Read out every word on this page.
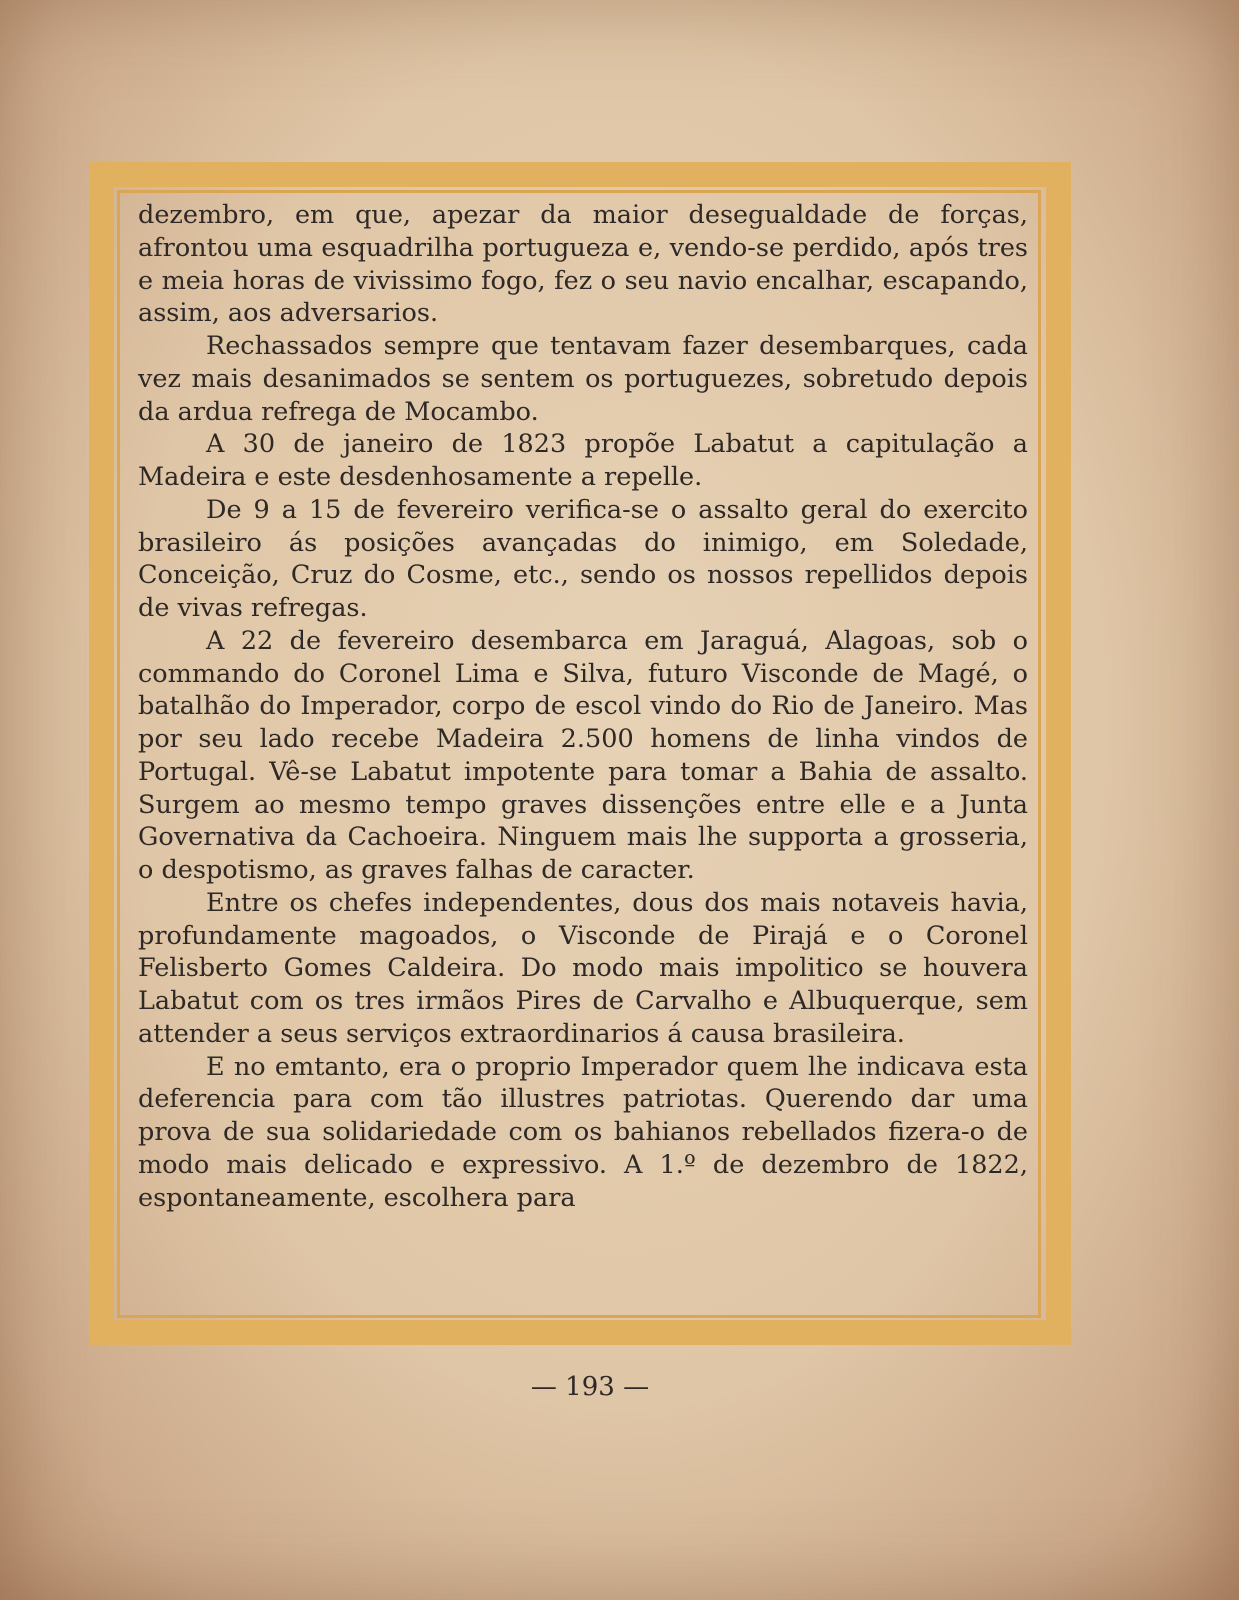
dezembro, em que, apezar da maior desegualdade de forças, afrontou uma esquadrilha portugueza e, vendo-se perdido, após tres e meia horas de vivissimo fogo, fez o seu navio encalhar, escapando, assim, aos adversarios.

Rechassados sempre que tentavam fazer desembarques, cada vez mais desanimados se sentem os portuguezes, sobretudo depois da ardua refrega de Mocambo.

A 30 de janeiro de 1823 propõe Labatut a capitulação a Madeira e este desdenhosamente a repelle.

De 9 a 15 de fevereiro verifica-se o assalto geral do exercito brasileiro ás posições avançadas do inimigo, em Soledade, Conceição, Cruz do Cosme, etc., sendo os nossos repellidos depois de vivas refregas.

A 22 de fevereiro desembarca em Jaraguá, Alagoas, sob o commando do Coronel Lima e Silva, futuro Visconde de Magé, o batalhão do Imperador, corpo de escol vindo do Rio de Janeiro. Mas por seu lado recebe Madeira 2.500 homens de linha vindos de Portugal. Vê-se Labatut impotente para tomar a Bahia de assalto. Surgem ao mesmo tempo graves dissenções entre elle e a Junta Governativa da Cachoeira. Ninguem mais lhe supporta a grosseria, o despotismo, as graves falhas de caracter.

Entre os chefes independentes, dous dos mais notaveis havia, profundamente magoados, o Visconde de Pirajá e o Coronel Felisberto Gomes Caldeira. Do modo mais impolitico se houvera Labatut com os tres irmãos Pires de Carvalho e Albuquerque, sem attender a seus serviços extraordinarios á causa brasileira.

E no emtanto, era o proprio Imperador quem lhe indicava esta deferencia para com tão illustres patriotas. Querendo dar uma prova de sua solidariedade com os bahianos rebellados fizera-o de modo mais delicado e expressivo. A 1.º de dezembro de 1822, espontaneamente, escolhera para

— 193 —
